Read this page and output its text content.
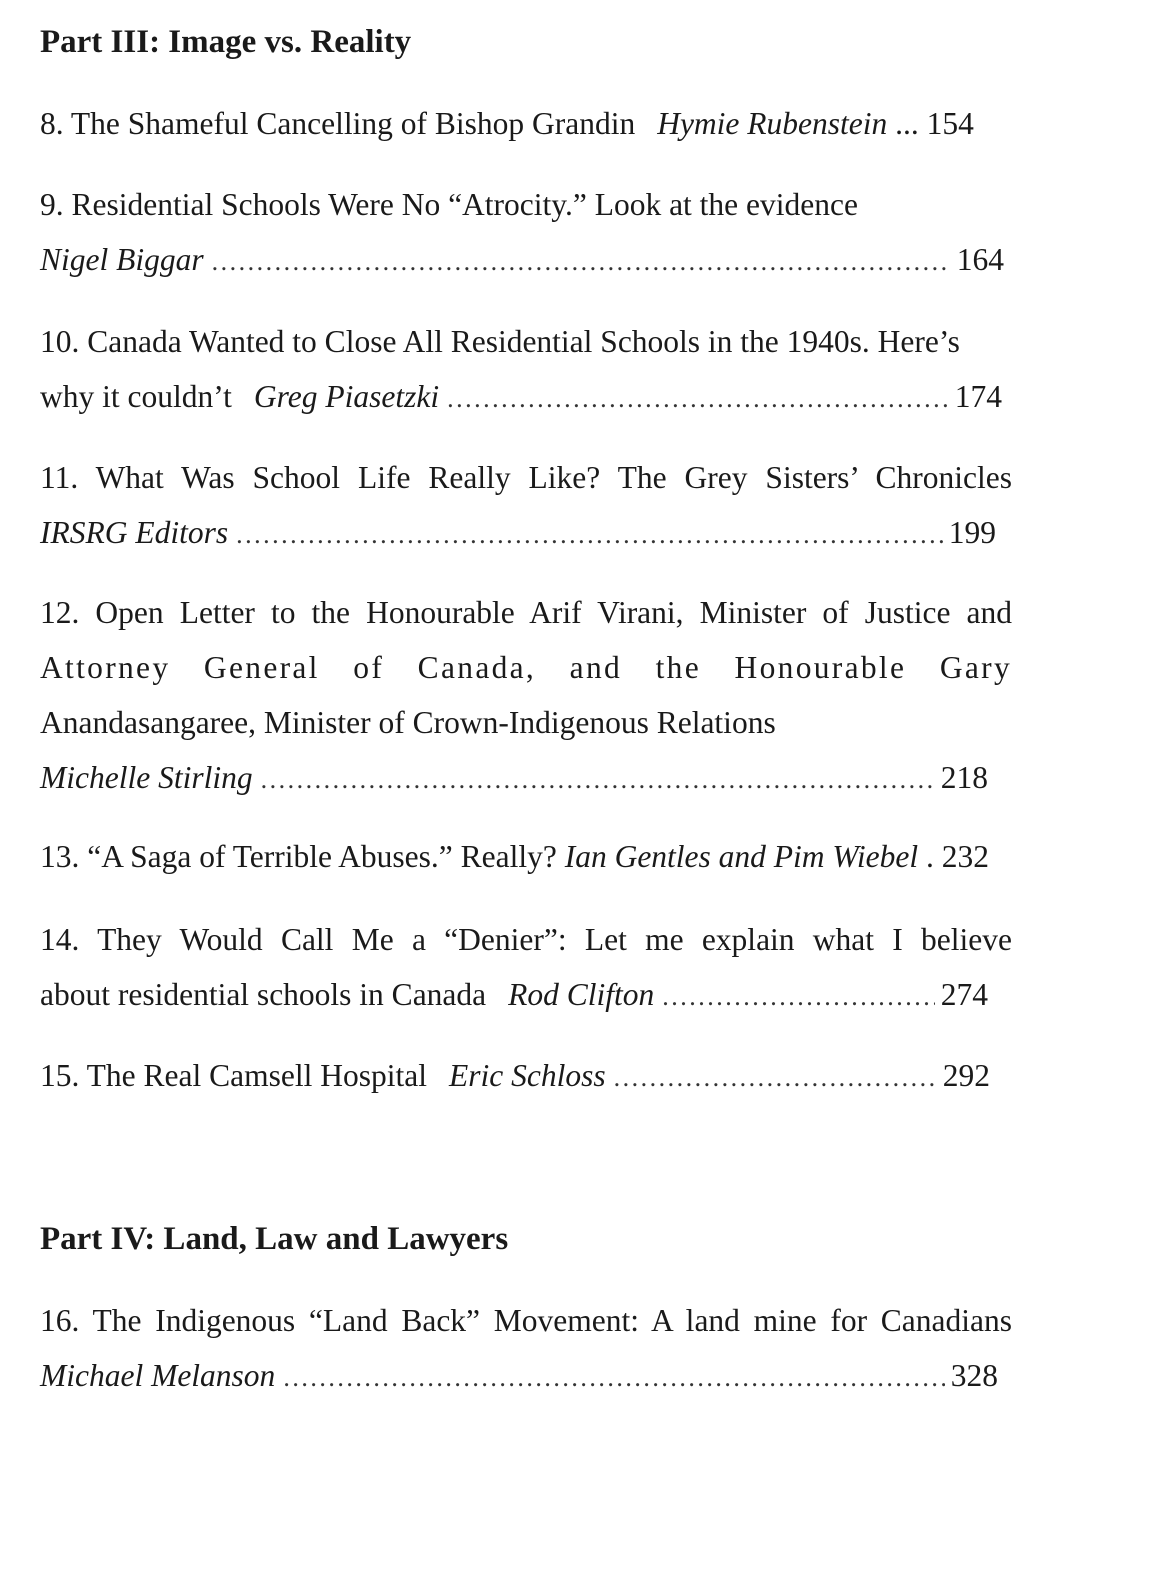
Part III: Image vs. Reality
8. The Shameful Cancelling of Bishop Grandin Hymie Rubenstein ... 154
9. Residential Schools Were No “Atrocity.” Look at the evidence
Nigel Biggar . . .	164
10. Canada Wanted to Close All Residential Schools in the 1940s. Here’s
why it couldn’t Greg Piasetzki . . .	174
11. What Was School Life Really Like? The Grey Sisters’ Chronicles
IRSRG Editors . . .	199
12. Open Letter to the Honourable Arif Virani, Minister of Justice and
Attorney General of Canada, and the Honourable Gary
Anandasangaree, Minister of Crown-Indigenous Relations
Michelle Stirling . . .	218
13. “A Saga of Terrible Abuses.” Really? Ian Gentles and Pim Wiebel . 232
14. They Would Call Me a “Denier”: Let me explain what I believe
about residential schools in Canada Rod Clifton . . .	274
15. The Real Camsell Hospital Eric Schloss . . .	292
Part IV: Land, Law and Lawyers
16. The Indigenous “Land Back” Movement: A land mine for Canadians
Michael Melanson . . .	328
